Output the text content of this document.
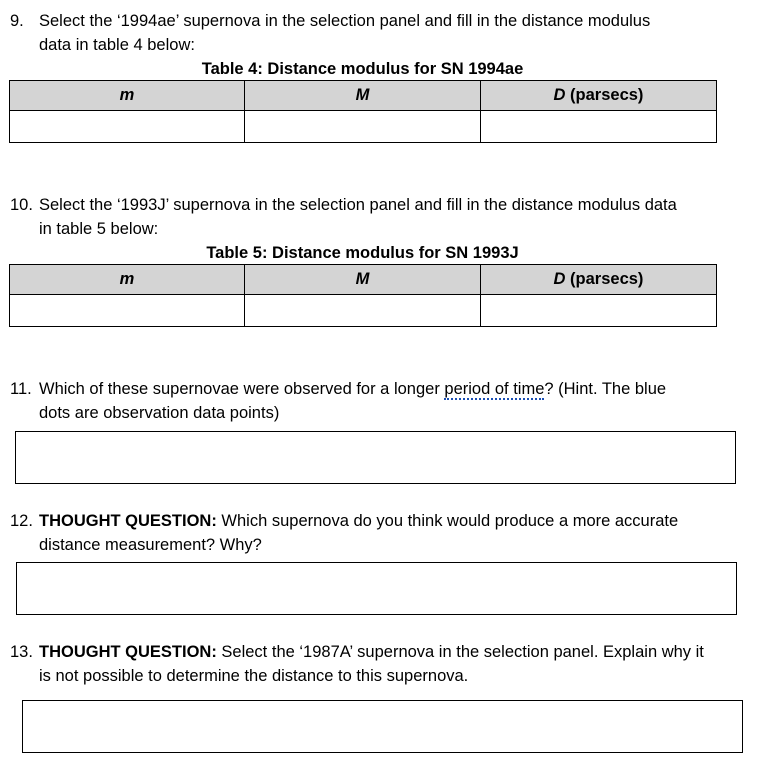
9. Select the ‘1994ae’ supernova in the selection panel and fill in the distance modulus
data in table 4 below:
Table 4: Distance modulus for SN 1994ae
m	M	D (parsecs)

10. Select the ‘1993J’ supernova in the selection panel and fill in the distance modulus data
in table 5 below:
Table 5: Distance modulus for SN 1993J
m	M	D (parsecs)

11. Which of these supernovae were observed for a longer period of time? (Hint. The blue
dots are observation data points)
12. THOUGHT QUESTION: Which supernova do you think would produce a more accurate
distance measurement? Why?
13. THOUGHT QUESTION: Select the ‘1987A’ supernova in the selection panel. Explain why it
is not possible to determine the distance to this supernova.
